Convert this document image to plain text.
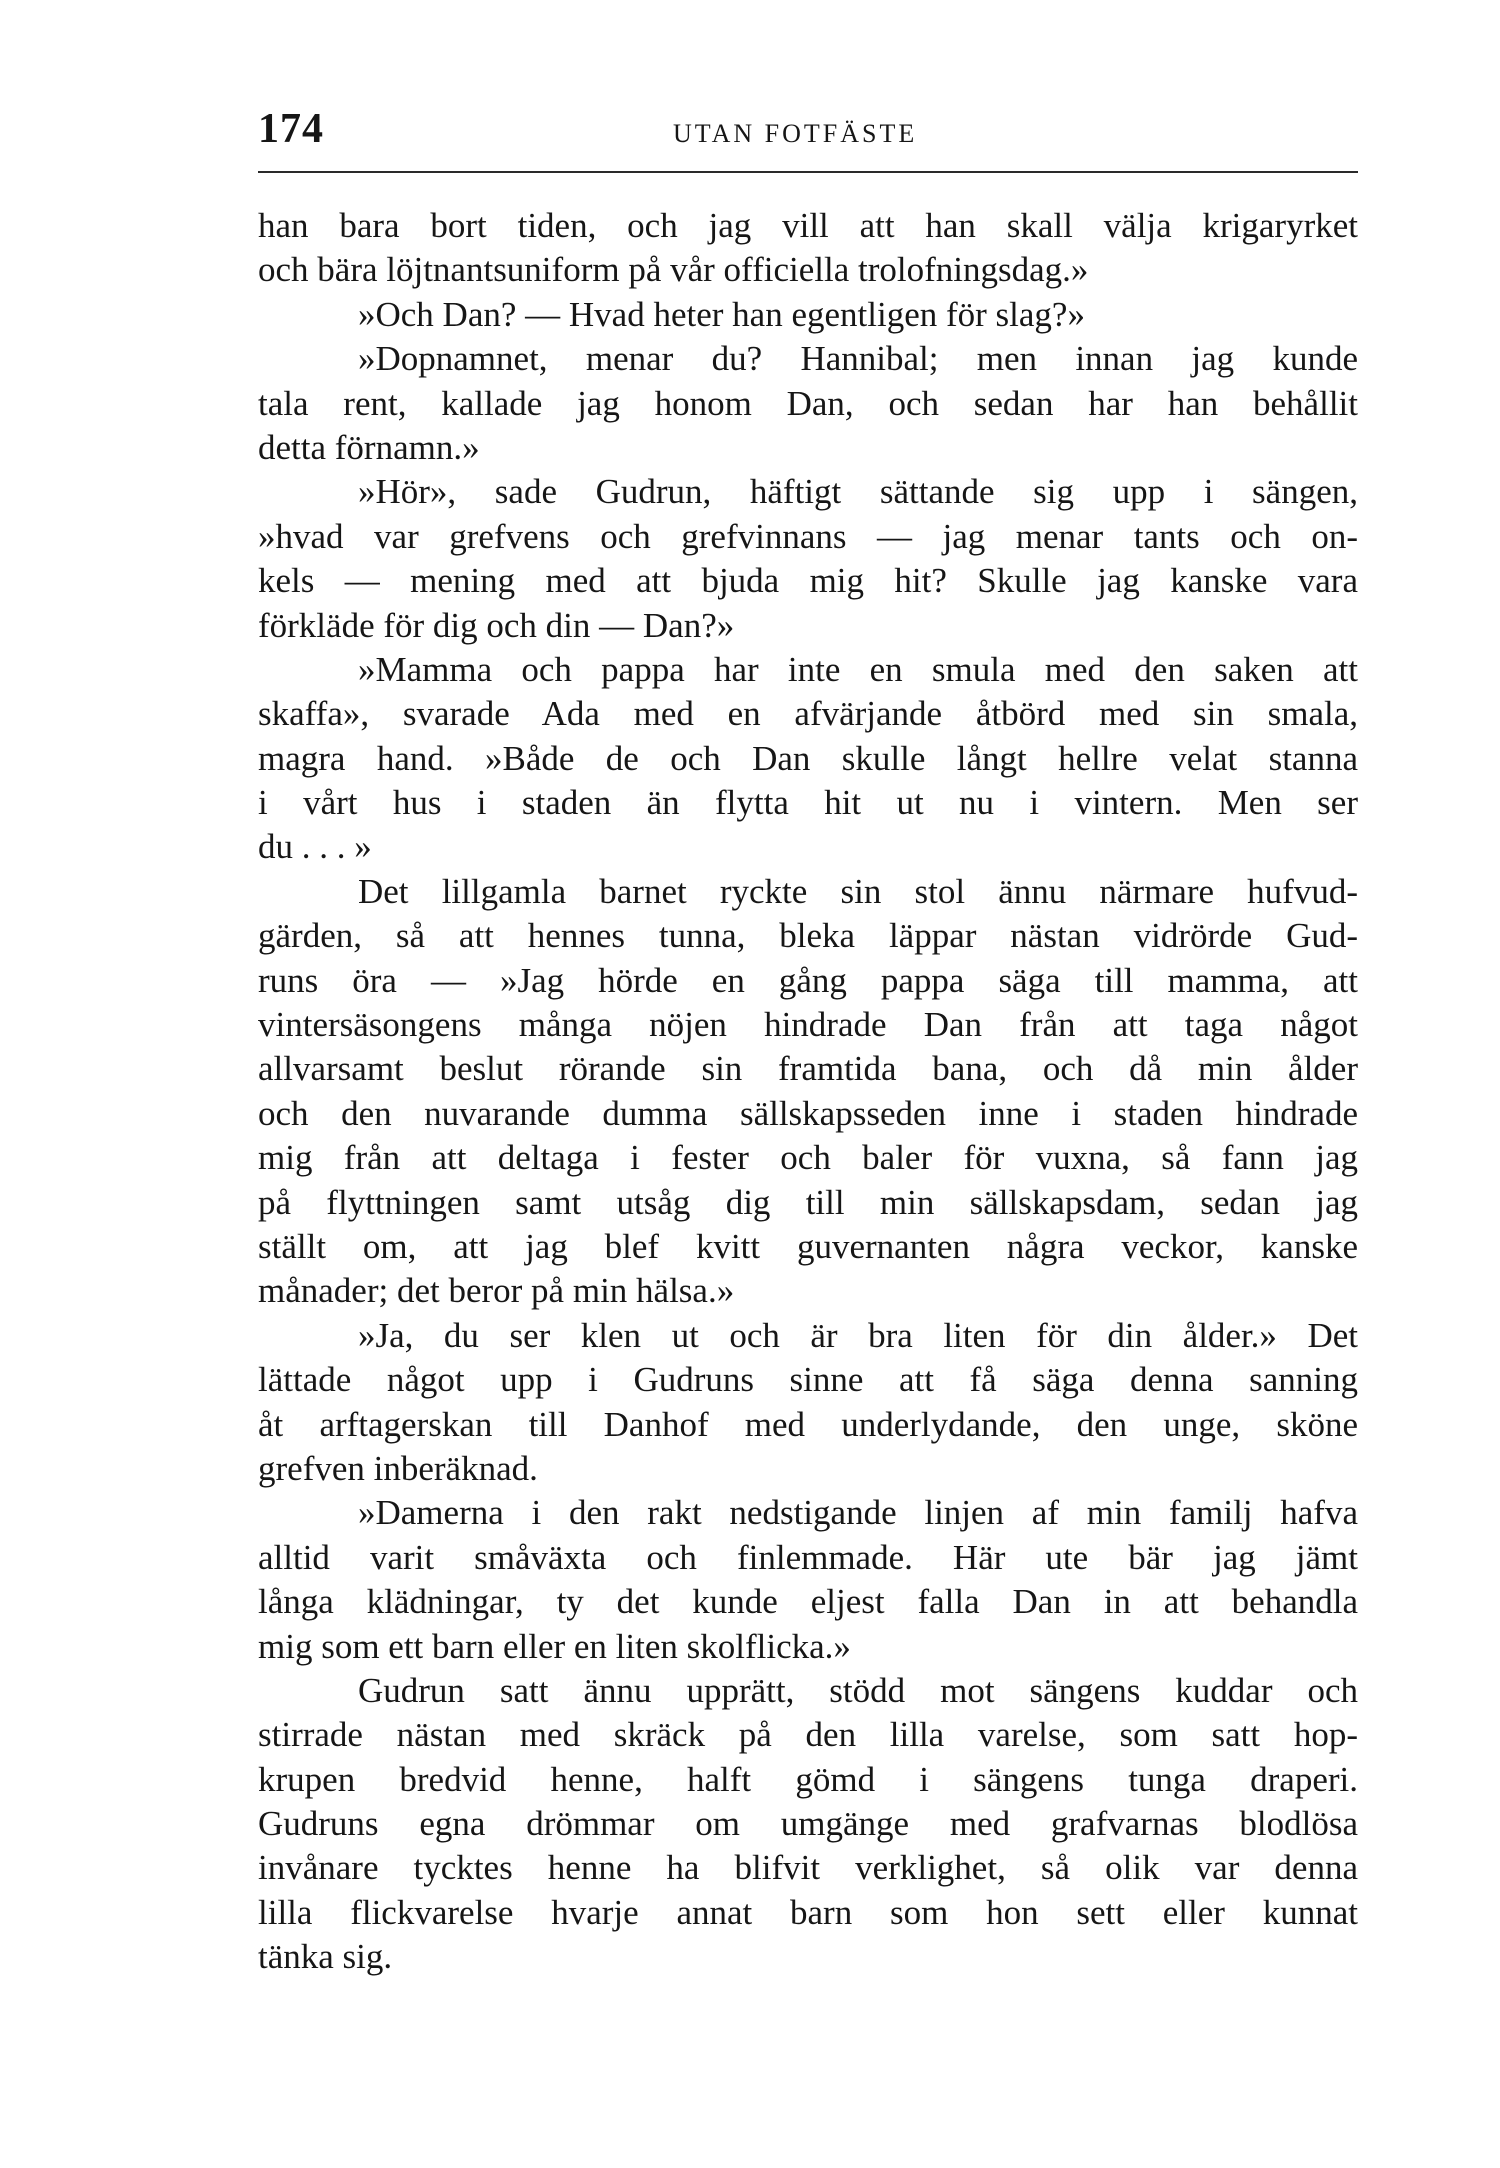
174	UTAN FOTFÄSTE
han bara bort tiden, och jag vill att han skall välja krigaryrket
och bära löjtnantsuniform på vår officiella trolofningsdag.»
»Och Dan? — Hvad heter han egentligen för slag?»
»Dopnamnet, menar du? Hannibal; men innan jag kunde
tala rent, kallade jag honom Dan, och sedan har han behållit
detta förnamn.»
»Hör», sade Gudrun, häftigt sättande sig upp i sängen,
»hvad var grefvens och grefvinnans — jag menar tants och on-
kels — mening med att bjuda mig hit? Skulle jag kanske vara
förkläde för dig och din — Dan?»
»Mamma och pappa har inte en smula med den saken att
skaffa», svarade Ada med en afvärjande åtbörd med sin smala,
magra hand. »Både de och Dan skulle långt hellre velat stanna
i vårt hus i staden än flytta hit ut nu i vintern. Men ser
du . . . »
Det lillgamla barnet ryckte sin stol ännu närmare hufvud-
gärden, så att hennes tunna, bleka läppar nästan vidrörde Gud-
runs öra — »Jag hörde en gång pappa säga till mamma, att
vintersäsongens många nöjen hindrade Dan från att taga något
allvarsamt beslut rörande sin framtida bana, och då min ålder
och den nuvarande dumma sällskapsseden inne i staden hindrade
mig från att deltaga i fester och baler för vuxna, så fann jag
på flyttningen samt utsåg dig till min sällskapsdam, sedan jag
ställt om, att jag blef kvitt guvernanten några veckor, kanske
månader; det beror på min hälsa.»
»Ja, du ser klen ut och är bra liten för din ålder.» Det
lättade något upp i Gudruns sinne att få säga denna sanning
åt arftagerskan till Danhof med underlydande, den unge, sköne
grefven inberäknad.
»Damerna i den rakt nedstigande linjen af min familj hafva
alltid varit småväxta och finlemmade. Här ute bär jag jämt
långa klädningar, ty det kunde eljest falla Dan in att behandla
mig som ett barn eller en liten skolflicka.»
Gudrun satt ännu upprätt, stödd mot sängens kuddar och
stirrade nästan med skräck på den lilla varelse, som satt hop-
krupen bredvid henne, halft gömd i sängens tunga draperi.
Gudruns egna drömmar om umgänge med grafvarnas blodlösa
invånare tycktes henne ha blifvit verklighet, så olik var denna
lilla flickvarelse hvarje annat barn som hon sett eller kunnat
tänka sig.
